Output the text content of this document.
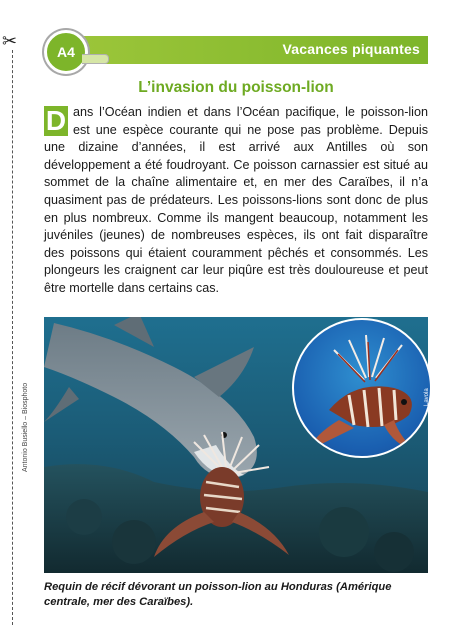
✂	Vacances piquantes
A4
L’invasion du poisson-lion
D ans l’Océan indien et dans l’Océan pacifique, le poisson-lion est une espèce courante qui ne pose pas problème. Depuis une dizaine d’années, il est arrivé aux Antilles où son développement a été foudroyant. Ce poisson carnassier est situé au sommet de la chaîne alimentaire et, en mer des Caraïbes, il n’a quasiment pas de prédateurs. Les poissons-lions sont donc de plus en plus nombreux. Comme ils mangent beaucoup, notamment les juvéniles (jeunes) de nombreuses espèces, ils ont fait disparaître des poissons qui étaient couramment pêchés et consommés. Les plongeurs les craignent car leur piqûre est très douloureuse et peut être mortelle dans certains cas.
Antonio Busiello – Biosphoto	Lavola
Requin de récif dévorant un poisson-lion au Honduras (Amérique centrale, mer des Caraïbes).
